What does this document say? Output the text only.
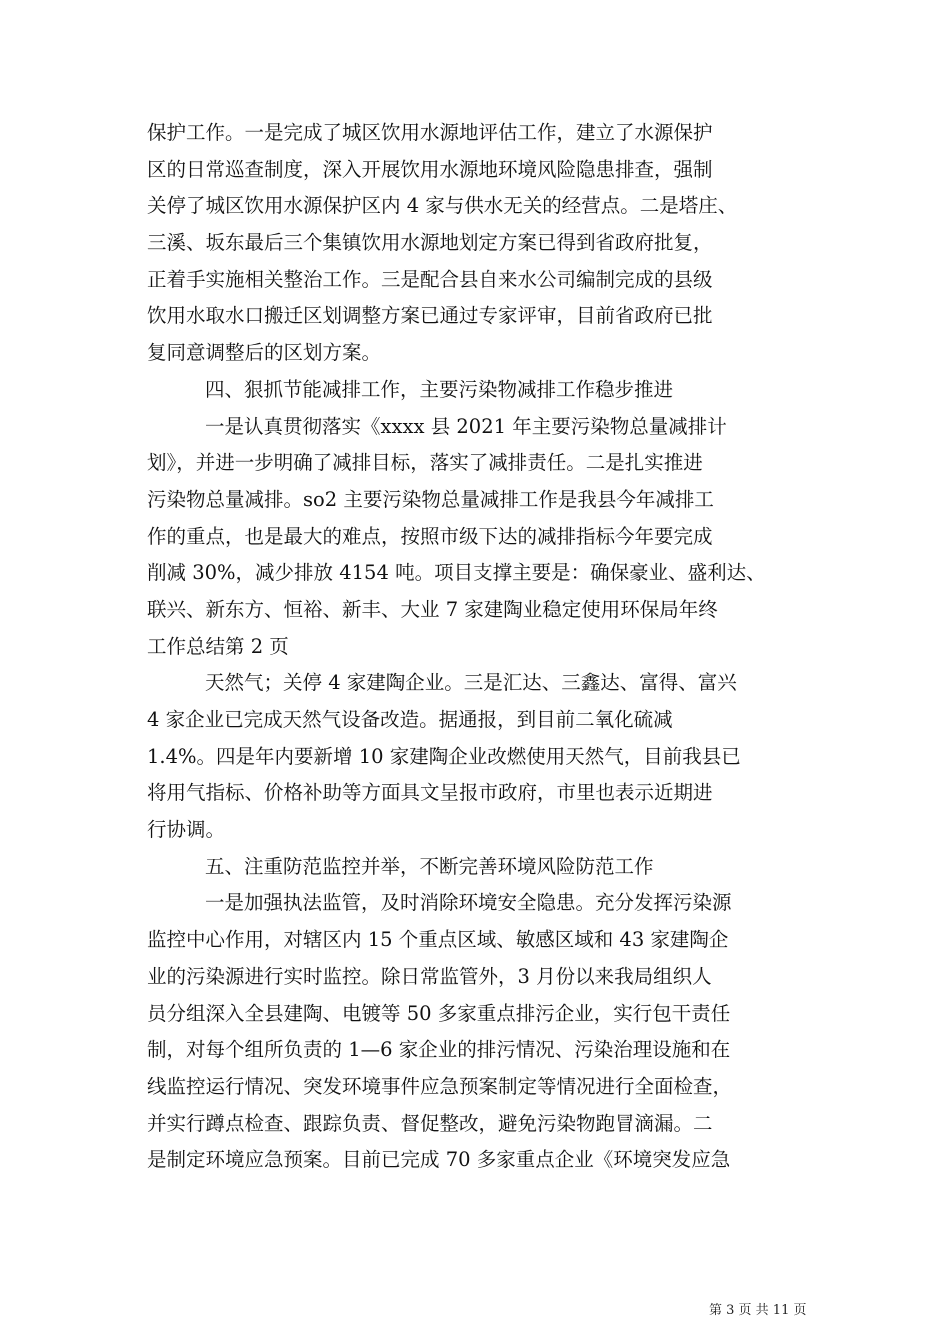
保护工作。一是完成了城区饮用水源地评估工作，建立了水源保护
区的日常巡查制度，深入开展饮用水源地环境风险隐患排查，强制
关停了城区饮用水源保护区内 4 家与供水无关的经营点。二是塔庄、
三溪、坂东最后三个集镇饮用水源地划定方案已得到省政府批复，
正着手实施相关整治工作。三是配合县自来水公司编制完成的县级
饮用水取水口搬迁区划调整方案已通过专家评审，目前省政府已批
复同意调整后的区划方案。
四、狠抓节能减排工作，主要污染物减排工作稳步推进
一是认真贯彻落实《xxxx 县 2021 年主要污染物总量减排计
划》，并进一步明确了减排目标，落实了减排责任。二是扎实推进
污染物总量减排。so2 主要污染物总量减排工作是我县今年减排工
作的重点，也是最大的难点，按照市级下达的减排指标今年要完成
削减 30%，减少排放 4154 吨。项目支撑主要是：确保豪业、盛利达、
联兴、新东方、恒裕、新丰、大业 7 家建陶业稳定使用环保局年终
工作总结第 2 页
天然气；关停 4 家建陶企业。三是汇达、三鑫达、富得、富兴
4 家企业已完成天然气设备改造。据通报，到目前二氧化硫减
1.4%。四是年内要新增 10 家建陶企业改燃使用天然气，目前我县已
将用气指标、价格补助等方面具文呈报市政府，市里也表示近期进
行协调。
五、注重防范监控并举，不断完善环境风险防范工作
一是加强执法监管，及时消除环境安全隐患。充分发挥污染源
监控中心作用，对辖区内 15 个重点区域、敏感区域和 43 家建陶企
业的污染源进行实时监控。除日常监管外，3 月份以来我局组织人
员分组深入全县建陶、电镀等 50 多家重点排污企业，实行包干责任
制，对每个组所负责的 1—6 家企业的排污情况、污染治理设施和在
线监控运行情况、突发环境事件应急预案制定等情况进行全面检查，
并实行蹲点检查、跟踪负责、督促整改，避免污染物跑冒滴漏。二
是制定环境应急预案。目前已完成 70 多家重点企业《环境突发应急
第 3 页 共 11 页
